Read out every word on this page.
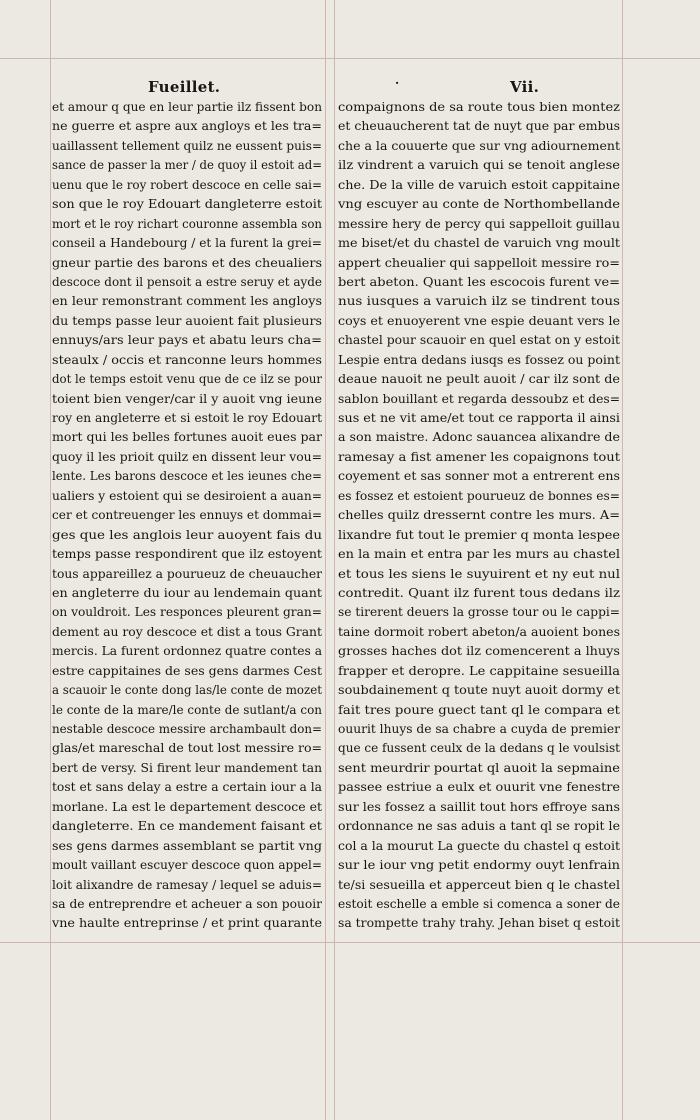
Fueillet.	·	Vii.
et amour q que en leur partie ilz fissent bon
ne guerre et aspre aux angloys et les tra=
uaillassent tellement quilz ne eussent puis=
sance de passer la mer / de quoy il estoit ad=
uenu que le roy robert descoce en celle sai=
son que le roy Edouart dangleterre estoit
mort et le roy richart couronne assembla son
conseil a Handebourg / et la furent la grei=
gneur partie des barons et des cheualiers
descoce dont il pensoit a estre seruy et ayde
en leur remonstrant comment les angloys
du temps passe leur auoient fait plusieurs
ennuys/ars leur pays et abatu leurs cha=
steaulx / occis et ranconne leurs hommes
dot le temps estoit venu que de ce ilz se pour
toient bien venger/car il y auoit vng ieune
roy en angleterre et si estoit le roy Edouart
mort qui les belles fortunes auoit eues par
quoy il les prioit quilz en dissent leur vou=
lente. Les barons descoce et les ieunes che=
ualiers y estoient qui se desiroient a auan=
cer et contreuenger les ennuys et dommai=
ges que les anglois leur auoyent fais du
temps passe respondirent que ilz estoyent
tous appareillez a pourueuz de cheuaucher
en angleterre du iour au lendemain quant
on vouldroit. Les responces pleurent gran=
dement au roy descoce et dist a tous Grant
mercis. La furent ordonnez quatre contes a
estre cappitaines de ses gens darmes Cest
a scauoir le conte dong las/le conte de mozet
le conte de la mare/le conte de sutlant/a con
nestable descoce messire archambault don=
glas/et mareschal de tout lost messire ro=
bert de versy. Si firent leur mandement tan
tost et sans delay a estre a certain iour a la
morlane. La est le departement descoce et
dangleterre. En ce mandement faisant et
ses gens darmes assemblant se partit vng
moult vaillant escuyer descoce quon appel=
loit alixandre de ramesay / lequel se aduis=
sa de entreprendre et acheuer a son pouoir
vne haulte entreprinse / et print quarante
compaignons de sa route tous bien montez
et cheuaucherent tat de nuyt que par embus
che a la couuerte que sur vng adiournement
ilz vindrent a varuich qui se tenoit anglese
che. De la ville de varuich estoit cappitaine
vng escuyer au conte de Northombellande
messire hery de percy qui sappelloit guillau
me biset/et du chastel de varuich vng moult
appert cheualier qui sappelloit messire ro=
bert abeton. Quant les escocois furent ve=
nus iusques a varuich ilz se tindrent tous
coys et enuoyerent vne espie deuant vers le
chastel pour scauoir en quel estat on y estoit
Lespie entra dedans iusqs es fossez ou point
deaue nauoit ne peult auoit / car ilz sont de
sablon bouillant et regarda dessoubz et des=
sus et ne vit ame/et tout ce rapporta il ainsi
a son maistre. Adonc sauancea alixandre de
ramesay a fist amener les copaignons tout
coyement et sas sonner mot a entrerent ens
es fossez et estoient pourueuz de bonnes es=
chelles quilz dressernt contre les murs. A=
lixandre fut tout le premier q monta lespee
en la main et entra par les murs au chastel
et tous les siens le suyuirent et ny eut nul
contredit. Quant ilz furent tous dedans ilz
se tirerent deuers la grosse tour ou le cappi=
taine dormoit robert abeton/a auoient bones
grosses haches dot ilz comencerent a lhuys
frapper et deropre. Le cappitaine sesueilla
soubdainement q toute nuyt auoit dormy et
fait tres poure guect tant ql le compara et
ouurit lhuys de sa chabre a cuyda de premier
que ce fussent ceulx de la dedans q le voulsist
sent meurdrir pourtat ql auoit la sepmaine
passee estriue a eulx et ouurit vne fenestre
sur les fossez a saillit tout hors effroye sans
ordonnance ne sas aduis a tant ql se ropit le
col a la mourut La guecte du chastel q estoit
sur le iour vng petit endormy ouyt lenfrain
te/si sesueilla et apperceut bien q le chastel
estoit eschelle a emble si comenca a soner de
sa trompette trahy trahy. Jehan biset q estoit
